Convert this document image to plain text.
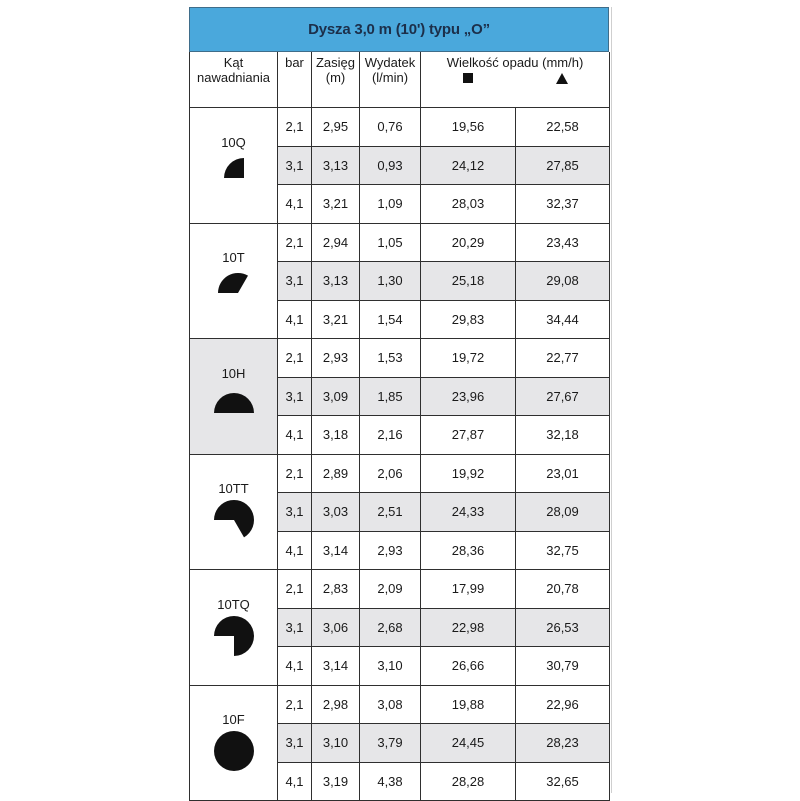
Dysza 3,0 m (10') typu „O”
Kąt nawadniania	bar	Zasięg (m)	Wydatek (l/min)	Wielkość opadu (mm/h)	

10Q	2,1	2,95	0,76	19,56	22,58
	3,1	3,13	0,93	24,12	27,85
	4,1	3,21	1,09	28,03	32,37

10T	2,1	2,94	1,05	20,29	23,43
	3,1	3,13	1,30	25,18	29,08
	4,1	3,21	1,54	29,83	34,44

10H	2,1	2,93	1,53	19,72	22,77
	3,1	3,09	1,85	23,96	27,67
	4,1	3,18	2,16	27,87	32,18

10TT	2,1	2,89	2,06	19,92	23,01
	3,1	3,03	2,51	24,33	28,09
	4,1	3,14	2,93	28,36	32,75

10TQ	2,1	2,83	2,09	17,99	20,78
	3,1	3,06	2,68	22,98	26,53
	4,1	3,14	3,10	26,66	30,79

10F	2,1	2,98	3,08	19,88	22,96
	3,1	3,10	3,79	24,45	28,23
	4,1	3,19	4,38	28,28	32,65
